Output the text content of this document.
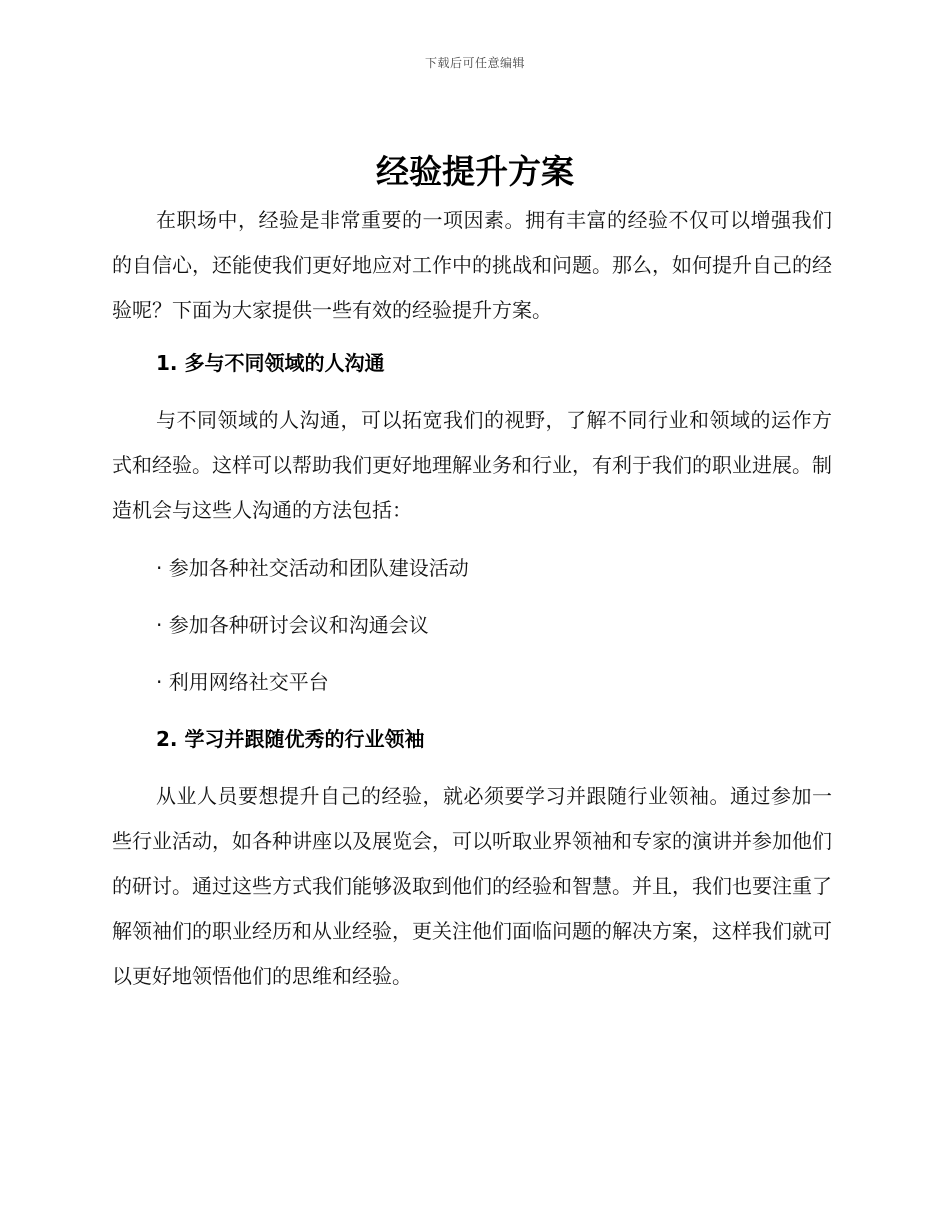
下载后可任意编辑
经验提升方案

在职场中，经验是非常重要的一项因素。拥有丰富的经验不仅可以增强我们的自信心，还能使我们更好地应对工作中的挑战和问题。那么，如何提升自己的经验呢？下面为大家提供一些有效的经验提升方案。

1. 多与不同领域的人沟通

与不同领域的人沟通，可以拓宽我们的视野，了解不同行业和领域的运作方式和经验。这样可以帮助我们更好地理解业务和行业，有利于我们的职业进展。制造机会与这些人沟通的方法包括：

· 参加各种社交活动和团队建设活动

· 参加各种研讨会议和沟通会议

· 利用网络社交平台

2. 学习并跟随优秀的行业领袖

从业人员要想提升自己的经验，就必须要学习并跟随行业领袖。通过参加一些行业活动，如各种讲座以及展览会，可以听取业界领袖和专家的演讲并参加他们的研讨。通过这些方式我们能够汲取到他们的经验和智慧。并且，我们也要注重了解领袖们的职业经历和从业经验，更关注他们面临问题的解决方案，这样我们就可以更好地领悟他们的思维和经验。
